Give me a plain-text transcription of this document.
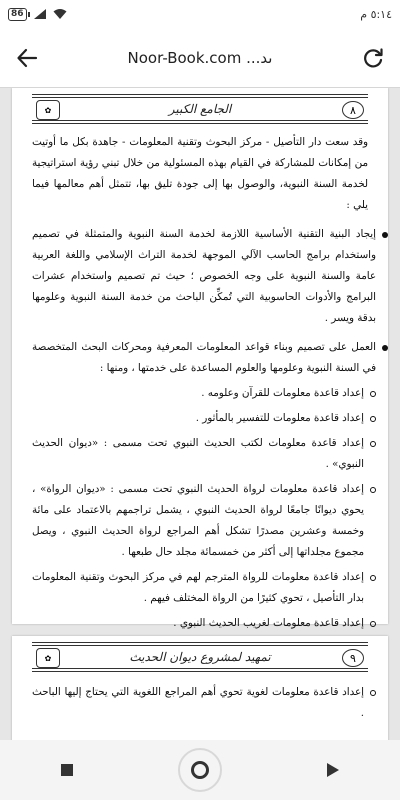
86	٥:١٤ م
Noor-Book.com ...ىد
✿	الجامع الكبير	٨
وقد سعت دار التأصيل - مركز البحوث وتقنية المعلومات - جاهدة بكل ما أوتيت من إمكانات للمشاركة في القيام بهذه المسئولية من خلال تبني رؤية استراتيجية لخدمة السنة النبوية، والوصول بها إلى جودة تليق بها، تتمثل أهم معالمها فيما يلي :
إيجاد البنية التقنية الأساسية اللازمة لخدمة السنة النبوية والمتمثلة في تصميم واستخدام برامج الحاسب الآلي الموجهة لخدمة التراث الإسلامي واللغة العربية عامة والسنة النبوية على وجه الخصوص ؛ حيث تم تصميم واستخدام عشرات البرامج والأدوات الحاسوبية التي تُمكِّن الباحث من خدمة السنة النبوية وعلومها بدقة ويسر .
العمل على تصميم وبناء قواعد المعلومات المعرفية ومحركات البحث المتخصصة في السنة النبوية وعلومها والعلوم المساعدة على خدمتها ، ومنها :
إعداد قاعدة معلومات للقرآن وعلومه .
إعداد قاعدة معلومات للتفسير بالمأثور .
إعداد قاعدة معلومات لكتب الحديث النبوي تحت مسمى : «ديوان الحديث النبوي» .
إعداد قاعدة معلومات لرواة الحديث النبوي تحت مسمى : «ديوان الرواة» ، يحوي ديوانًا جامعًا لرواة الحديث النبوي ، يشمل تراجمهم بالاعتماد على مائة وخمسة وعشرين مصدرًا تشكل أهم المراجع لرواة الحديث النبوي ، ويصل مجموع مجلداتها إلى أكثر من خمسمائة مجلد حال طبعها .
إعداد قاعدة معلومات للرواة المترجم لهم في مركز البحوث وتقنية المعلومات بدار التأصيل ، تحوي كثيرًا من الرواة المختلف فيهم .
إعداد قاعدة معلومات لغريب الحديث النبوي .
✿	تمهيد لمشروع ديوان الحديث	٩
إعداد قاعدة معلومات لغوية تحوي أهم المراجع اللغوية التي يحتاج إليها الباحث .
